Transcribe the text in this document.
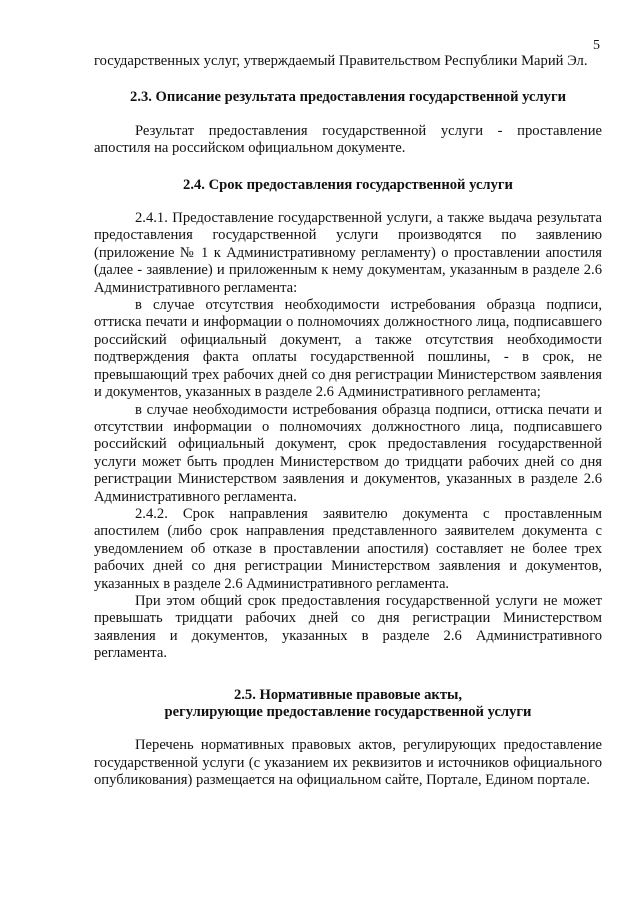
5

государственных услуг, утверждаемый Правительством Республики Марий Эл.

2.3. Описание результата предоставления государственной услуги

Результат предоставления государственной услуги - проставление апостиля на российском официальном документе.

2.4. Срок предоставления государственной услуги

2.4.1. Предоставление государственной услуги, а также выдача результата предоставления государственной услуги производятся по заявлению (приложение № 1 к Административному регламенту) о проставлении апостиля (далее - заявление) и приложенным к нему документам, указанным в разделе 2.6 Административного регламента:

в случае отсутствия необходимости истребования образца подписи, оттиска печати и информации о полномочиях должностного лица, подписавшего российский официальный документ, а также отсутствия необходимости подтверждения факта оплаты государственной пошлины, - в срок, не превышающий трех рабочих дней со дня регистрации Министерством заявления и документов, указанных в разделе 2.6 Административного регламента;

в случае необходимости истребования образца подписи, оттиска печати и отсутствии информации о полномочиях должностного лица, подписавшего российский официальный документ, срок предоставления государственной услуги может быть продлен Министерством до тридцати рабочих дней со дня регистрации Министерством заявления и документов, указанных в разделе 2.6 Административного регламента.

2.4.2. Срок направления заявителю документа с проставленным апостилем (либо срок направления представленного заявителем документа с уведомлением об отказе в проставлении апостиля) составляет не более трех рабочих дней со дня регистрации Министерством заявления и документов, указанных в разделе 2.6 Административного регламента.

При этом общий срок предоставления государственной услуги не может превышать тридцати рабочих дней со дня регистрации Министерством заявления и документов, указанных в разделе 2.6 Административного регламента.

2.5. Нормативные правовые акты,
регулирующие предоставление государственной услуги

Перечень нормативных правовых актов, регулирующих предоставление государственной услуги (с указанием их реквизитов и источников официального опубликования) размещается на официальном сайте, Портале, Едином портале.
